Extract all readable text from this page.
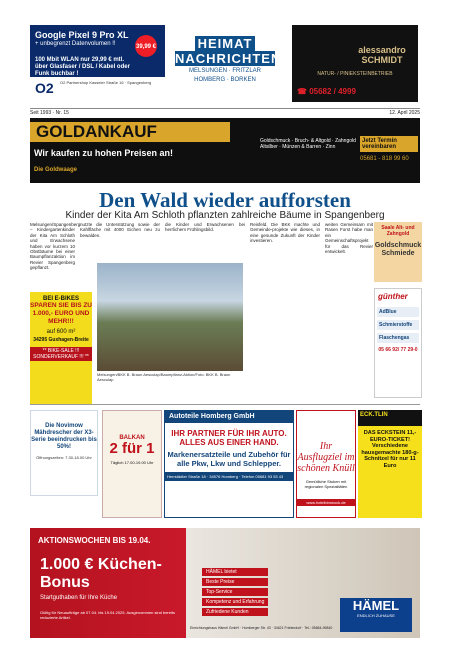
Google Pixel 9 Pro XL
+ unbegrenzt Datenvolumen !!	39,99 €
100 Mbit WLAN nur 29,99 € mtl. über Glasfaser / DSL / Kabel oder Funk buchbar !
O2 O2 Partnershop Kasseler Straße 16 · Spangenberg
HEIMAT
NACHRICHTEN
MELSUNGEN · FRITZLAR
HOMBERG · BORKEN
alessandro SCHMIDT
NATUR- / PINIEKSTEINBETRIEB
☎ 05682 / 4999
Seit 1993 · Nr. 15	12. April 2025
GOLDANKAUF
Wir kaufen zu hohen Preisen an!
Die Goldwaage
Goldschmuck · Bruch- & Altgold · Zahngold
Altsilber · Münzen & Barren · Zinn
Jetzt Termin vereinbaren
05681 - 818 99 60
Den Wald wieder aufforsten
Kinder der Kita Am Schloth pflanzten zahlreiche Bäume in Spangenberg
Melsungen/Spangenberg – Kindergartenkinder der Kita Am Schloth und Erwachsene haben vor kurzem 10 Obstbäume bei einer Baumpflanzaktion im Revier Spangenberg gepflanzt.
nutzte die Unterstützung sowie der Kahlfläche mit 4000 Eichen neu zu bewalden.
die Kinder und Erwachsenen bei herrlichem Frühlingsbild.
Reisfeld. Die BKK machte und Gemeinde-projekte wie dieses, in eine gesunde Zukunft der Kinder investieren.
weiten Gemeinsam mit Rasen Forst habe man ein Gemeinschaftsprojekt für das Revier entwickelt.
Melsungen/BKK B. Braun Aesculap/Baumpflanz-Aktion/Foto: BKK B. Braun Aesculap
BEI E-BIKES
SPAREN SIE BIS ZU 1.000,- EURO UND MEHR!!!
auf 600 m²
34295 Guxhagen-Breite
** BIKE-SALE !!! SONDERVERKAUF !!! **
Saale Alt- und Zahngold
Goldschmuck Schmiede
günther
AdBlue
Schmierstoffe
Flaschengas
05 66 92/ 77 29-0
Die Novimow Mähdrescher der X3-Serie beeindrucken bis 50%!
Öffnungszeiten: 7.30-18.00 Uhr
BALKAN
2 für 1
Täglich 17.00-19.00 Uhr
Autoteile Homberg GmbH
IHR PARTNER FÜR IHR AUTO. ALLES AUS EINER HAND.
Markenersatzteile und Zubehör für alle Pkw, Lkw und Schlepper.
Herrstädter Straße 18 · 34576 Homberg · Telefon 05681 93 53 43
Ihr Ausflugziel im schönen Knüll
Gemütliche Stuben mit regionalen Spezialitäten
www.hotelbimwock.de
ECK.TLIN
DAS ECKSTEIN 11,- EURO-TICKET! Verschiedene hausgemachte 180-g-Schnitzel für nur 11 Euro
AKTIONSWOCHEN BIS 19.04.
1.000 € Küchen-Bonus
Startguthaben für Ihre Küche
Gültig für Neuaufträge ab 07.04. bis 19.04.2025. Ausgenommen sind bereits reduzierte Artikel.
HÄMEL bietet
Beste Preise
Top-Service
Kompetenz und Erfahrung
Zufriedene Kunden	HÄMEL
ENDLICH ZUHAUSE
Einrichtungshaus Hämel GmbH · Homberger Str. 43 · 34621 Frielendorf · Tel.: 05684-99840
